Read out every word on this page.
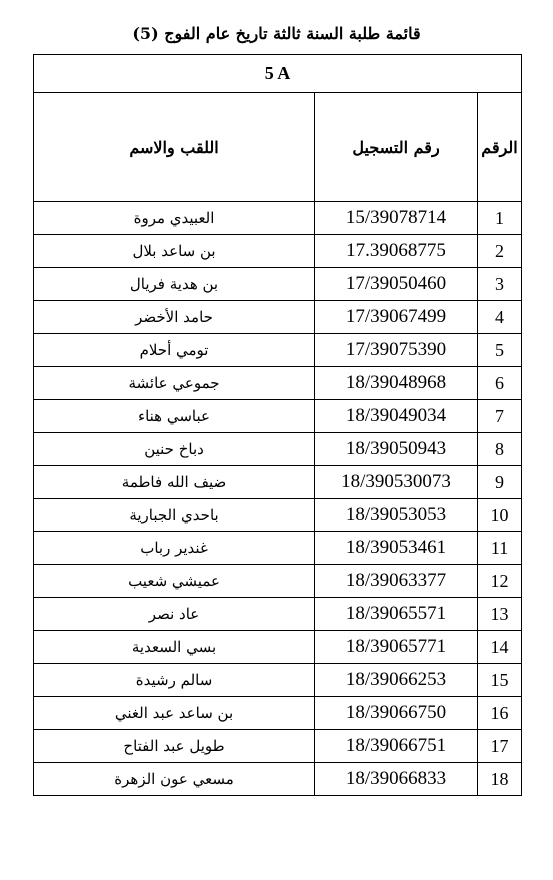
قائمة طلبة السنة ثالثة تاريخ عام الفوج (5)
5 A		
الرقم	رقم التسجيل	اللقب والاسم
1	15/39078714	العبيدي مروة
2	17.39068775	بن ساعد بلال
3	17/39050460	بن هدية فريال
4	17/39067499	حامد الأخضر
5	17/39075390	تومي أحلام
6	18/39048968	جموعي عائشة
7	18/39049034	عباسي هناء
8	18/39050943	دباخ حنين
9	18/390530073	ضيف الله فاطمة
10	18/39053053	باحدي الجبارية
11	18/39053461	غندير رباب
12	18/39063377	عميشي شعيب
13	18/39065571	عاد نصر
14	18/39065771	بسي السعدية
15	18/39066253	سالم رشيدة
16	18/39066750	بن ساعد عبد الغني
17	18/39066751	طويل عبد الفتاح
18	18/39066833	مسعي عون الزهرة
